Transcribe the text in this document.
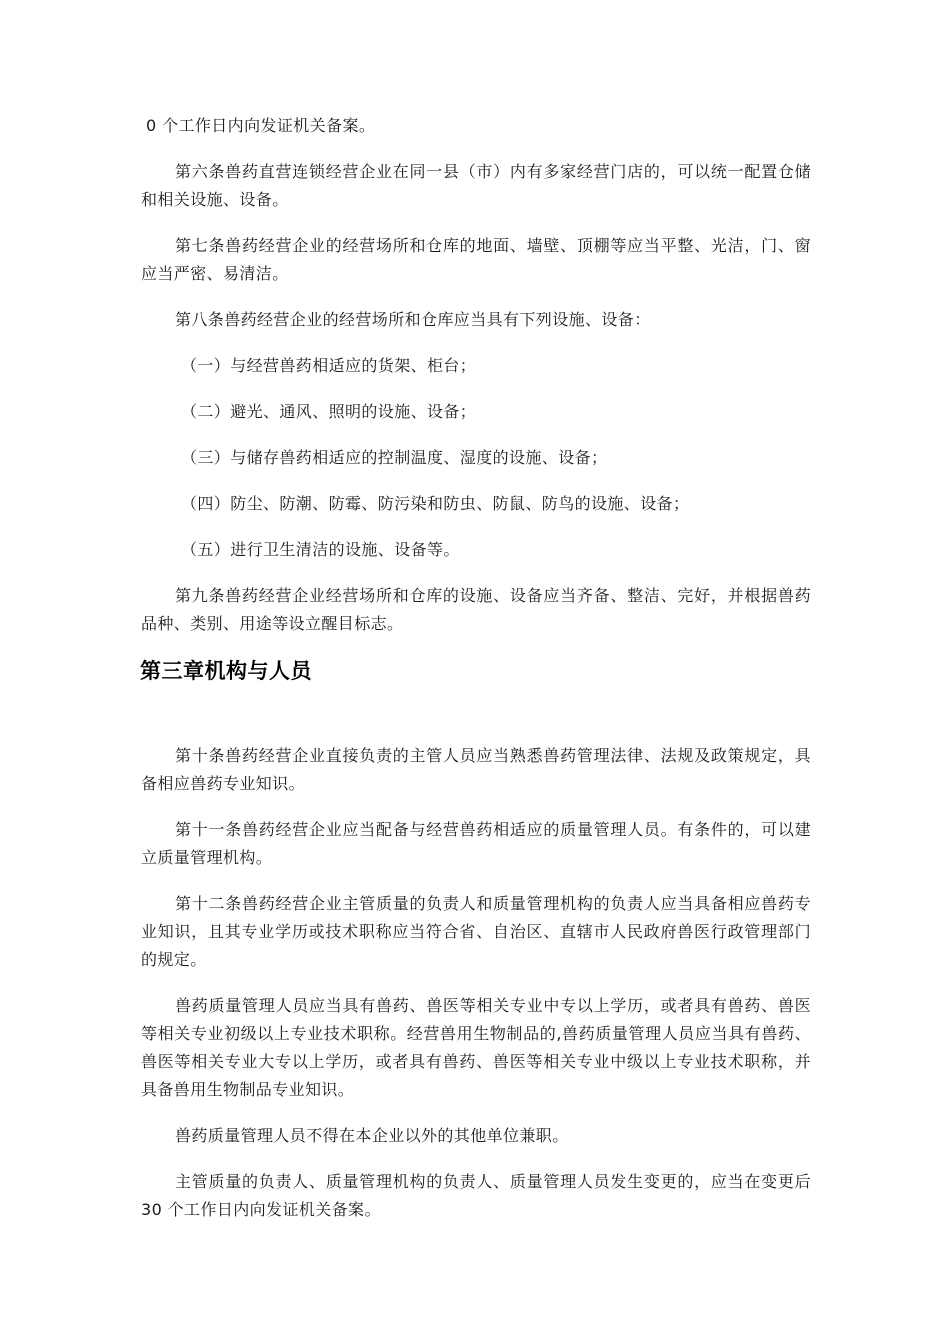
0 个工作日内向发证机关备案。

第六条兽药直营连锁经营企业在同一县（市）内有多家经营门店的，可以统一配置仓储和相关设施、设备。

第七条兽药经营企业的经营场所和仓库的地面、墙壁、顶棚等应当平整、光洁，门、窗应当严密、易清洁。

第八条兽药经营企业的经营场所和仓库应当具有下列设施、设备：

（一）与经营兽药相适应的货架、柜台；

（二）避光、通风、照明的设施、设备；

（三）与储存兽药相适应的控制温度、湿度的设施、设备；

（四）防尘、防潮、防霉、防污染和防虫、防鼠、防鸟的设施、设备；

（五）进行卫生清洁的设施、设备等。

第九条兽药经营企业经营场所和仓库的设施、设备应当齐备、整洁、完好，并根据兽药品种、类别、用途等设立醒目标志。

第三章机构与人员

第十条兽药经营企业直接负责的主管人员应当熟悉兽药管理法律、法规及政策规定，具备相应兽药专业知识。

第十一条兽药经营企业应当配备与经营兽药相适应的质量管理人员。有条件的，可以建立质量管理机构。

第十二条兽药经营企业主管质量的负责人和质量管理机构的负责人应当具备相应兽药专业知识，且其专业学历或技术职称应当符合省、自治区、直辖市人民政府兽医行政管理部门的规定。

兽药质量管理人员应当具有兽药、兽医等相关专业中专以上学历，或者具有兽药、兽医等相关专业初级以上专业技术职称。经营兽用生物制品的,兽药质量管理人员应当具有兽药、兽医等相关专业大专以上学历，或者具有兽药、兽医等相关专业中级以上专业技术职称，并具备兽用生物制品专业知识。

兽药质量管理人员不得在本企业以外的其他单位兼职。

主管质量的负责人、质量管理机构的负责人、质量管理人员发生变更的，应当在变更后 30 个工作日内向发证机关备案。
